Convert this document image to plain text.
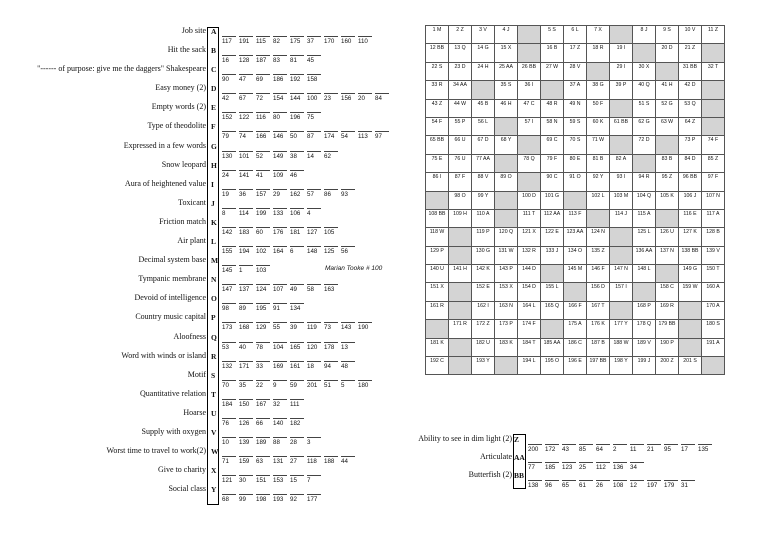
Job site A
117 191 115 82 175 37 170 160 110
Hit the sack B
16 128 187 83 81 45
"------ of purpose: give me the daggers" Shakespeare C
90 47 69 186 192 158
Easy money (2) D
42 67 72 154 144 100 23 156 20 84
Empty words (2) E
152 122 116 80 196 75
Type of theodolite F
79 74 166 146 50 87 174 54 113 97
Expressed in a few words G
130 101 52 149 38 14 62
Snow leopard H
24 141 41 109 46
Aura of heightened value I
19 36 157 29 162 57 86 93
Toxicant J
8 114 199 133 106 4
Friction match K
142 183 60 176 181 127 105
Air plant L
155 194 102 164 6 148 125 56
Decimal system base M
145 1 103
Tympanic membrane N
147 137 124 107 49 58 163
Devoid of intelligence O
98 89 195 91 134
Country music capital P
173 168 129 55 39 119 73 143 190
Aloofness Q
53 40 78 104 165 120 178 13
Word with winds or island R
132 171 33 169 161 18 94 48
Motif S
70 35 22 9 59 201 51 5 180
Quantitative relation T
184 150 167 32 111
Hoarse U
76 126 66 140 182
Supply with oxygen V
10 139 189 88 28 3
Worst time to travel to work(2) W
71 159 63 131 27 118 188 44
Give to charity X
121 30 151 153 15 7
Social class Y
68 99 198 193 92 177
Marian Tooke # 100
1 M	2 Z	3 V	4 J		5 S	6 L	7 X		8 J	9 S	10 V	11 Z
12 BB	13 Q	14 G	15 X		16 B	17 Z	18 R	19 I		20 D	21 Z	
22 S	23 D	24 H	25 AA	26 BB	27 W	28 V		29 I	30 X		31 BB	32 T
33 R	34 AA		35 S	36 I		37 A	38 G	39 P	40 Q	41 H	42 D	
43 Z	44 W	45 B	46 H	47 C	48 R	49 N	50 F		51 S	52 G	53 Q	
54 F	55 P	56 L		57 I	58 N	59 S	60 K	61 BB	62 G	63 W	64 Z	
65 BB	66 U	67 D	68 Y		69 C	70 S	71 W		72 D		73 P	74 F
75 E	76 U	77 AA		78 Q	79 F	80 E	81 B	82 A		83 B	84 D	85 Z
86 I	87 F	88 V	89 O		90 C	91 O	92 Y	93 I	94 R	95 Z	96 BB	97 F
	98 O	99 Y		100 D	101 G		102 L	103 M	104 Q	105 K	106 J	107 N
108 BB	109 H	110 A		111 T	112 AA	113 F		114 J	115 A		116 E	117 A
118 W		119 P	120 Q	121 X	122 E	123 AA	124 N		125 L	126 U	127 K	128 B
129 P		130 G	131 W	132 R	133 J	134 O	135 Z		136 AA	137 N	138 BB	139 V
140 U	141 H	142 K	143 P	144 D		145 M	146 F	147 N	148 L		149 G	150 T
151 X		152 E	153 X	154 D	155 L		156 D	157 I		158 C	159 W	160 A
161 R		162 I	163 N	164 L	165 Q	166 F	167 T		168 P	169 R		170 A
	171 R	172 Z	173 P	174 F		175 A	176 K	177 Y	178 Q	179 BB		180 S
181 K		182 U	183 K	184 T	185 AA	186 C	187 B	188 W	189 V	190 P		191 A
192 C		193 Y		194 L	195 O	196 E	197 BB	198 Y	199 J	200 Z	201 S	
Ability to see in dim light (2) Z
200 172 43 85 64 2 11 21 95 17 135
Articulate AA
77 185 123 25 112 136 34
Butterfish (2) BB
138 96 65 61 26 108 12 197 179 31
